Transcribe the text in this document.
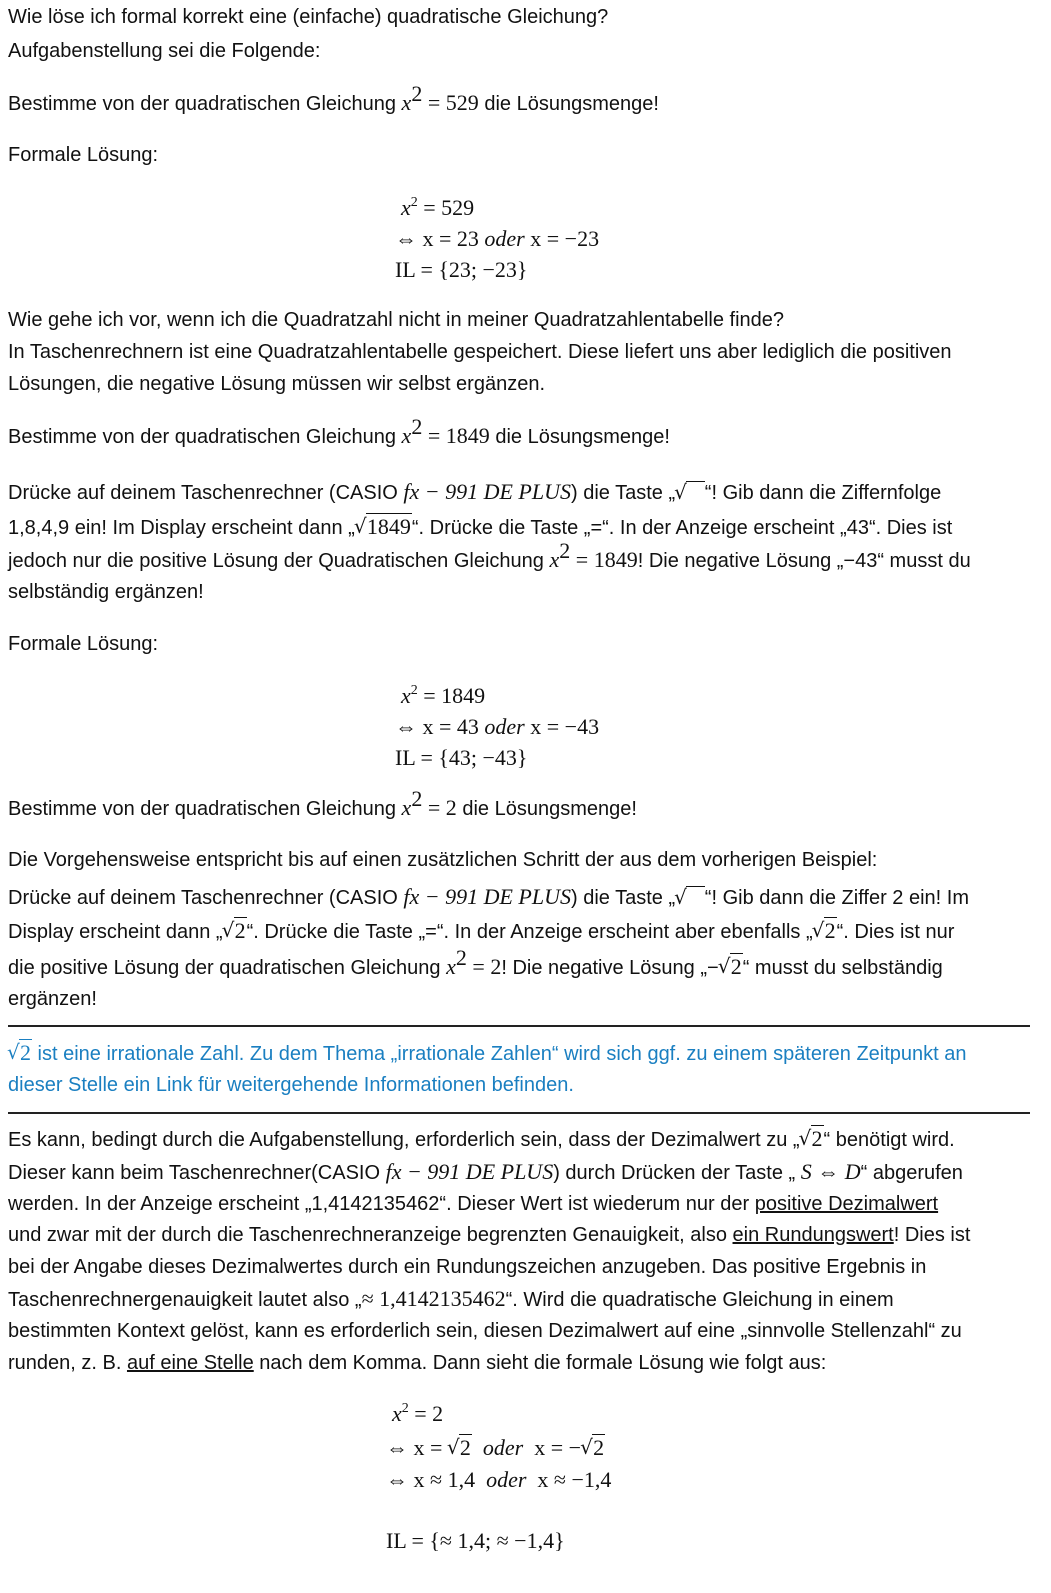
Wie löse ich formal korrekt eine (einfache) quadratische Gleichung?
Aufgabenstellung sei die Folgende:
Bestimme von der quadratischen Gleichung $x^2 = 529$ die Lösungsmenge!
Formale Lösung:
$x^2 = 529$
⇔ x = 23 oder x = −23
IL = {23; −23}
Wie gehe ich vor, wenn ich die Quadratzahl nicht in meiner Quadratzahlentabelle finde?
In Taschenrechnern ist eine Quadratzahlentabelle gespeichert. Diese liefert uns aber lediglich die positiven
Lösungen, die negative Lösung müssen wir selbst ergänzen.
Bestimme von der quadratischen Gleichung $x^2 = 1849$ die Lösungsmenge!
Drücke auf deinem Taschenrechner (CASIO fx − 991 DE PLUS) die Taste „ √ “! Gib dann die Ziffernfolge
1,8,4,9 ein! Im Display erscheint dann „ √ 1849“. Drücke die Taste „=“. In der Anzeige erscheint „43“. Dies ist
jedoch nur die positive Lösung der Quadratischen Gleichung $x^2 = 1849$! Die negative Lösung „−43“ musst du
selbständig ergänzen!
Formale Lösung:
$x^2 = 1849$
⇔ x = 43 oder x = −43
IL = {43; −43}
Bestimme von der quadratischen Gleichung $x^2 = 2$ die Lösungsmenge!
Die Vorgehensweise entspricht bis auf einen zusätzlichen Schritt der aus dem vorherigen Beispiel:
Drücke auf deinem Taschenrechner (CASIO fx − 991 DE PLUS) die Taste „ √ “! Gib dann die Ziffer 2 ein! Im
Display erscheint dann „ √ 2“. Drücke die Taste „=“. In der Anzeige erscheint aber ebenfalls „ √ 2“. Dies ist nur
die positive Lösung der quadratischen Gleichung $x^2 = 2$! Die negative Lösung „− √ 2“ musst du selbständig
ergänzen!
√ 2 ist eine irrationale Zahl. Zu dem Thema „irrationale Zahlen“ wird sich ggf. zu einem späteren Zeitpunkt an
dieser Stelle ein Link für weitergehende Informationen befinden.
Es kann, bedingt durch die Aufgabenstellung, erforderlich sein, dass der Dezimalwert zu „ √ 2“ benötigt wird.
Dieser kann beim Taschenrechner(CASIO fx − 991 DE PLUS) durch Drücken der Taste „ S ⇔ D“ abgerufen
werden. In der Anzeige erscheint „1,4142135462“. Dieser Wert ist wiederum nur der positive Dezimalwert
und zwar mit der durch die Taschenrechneranzeige begrenzten Genauigkeit, also ein Rundungswert! Dies ist
bei der Angabe dieses Dezimalwertes durch ein Rundungszeichen anzugeben. Das positive Ergebnis in
Taschenrechnergenauigkeit lautet also „≈ 1,4142135462“. Wird die quadratische Gleichung in einem
bestimmten Kontext gelöst, kann es erforderlich sein, diesen Dezimalwert auf eine „sinnvolle Stellenzahl“ zu
runden, z. B. auf eine Stelle nach dem Komma. Dann sieht die formale Lösung wie folgt aus:
$x^2 = 2$
⇔ x = √ 2 oder x = − √ 2
⇔ x ≈ 1,4  oder  x ≈ −1,4
IL = {≈ 1,4; ≈ −1,4}
